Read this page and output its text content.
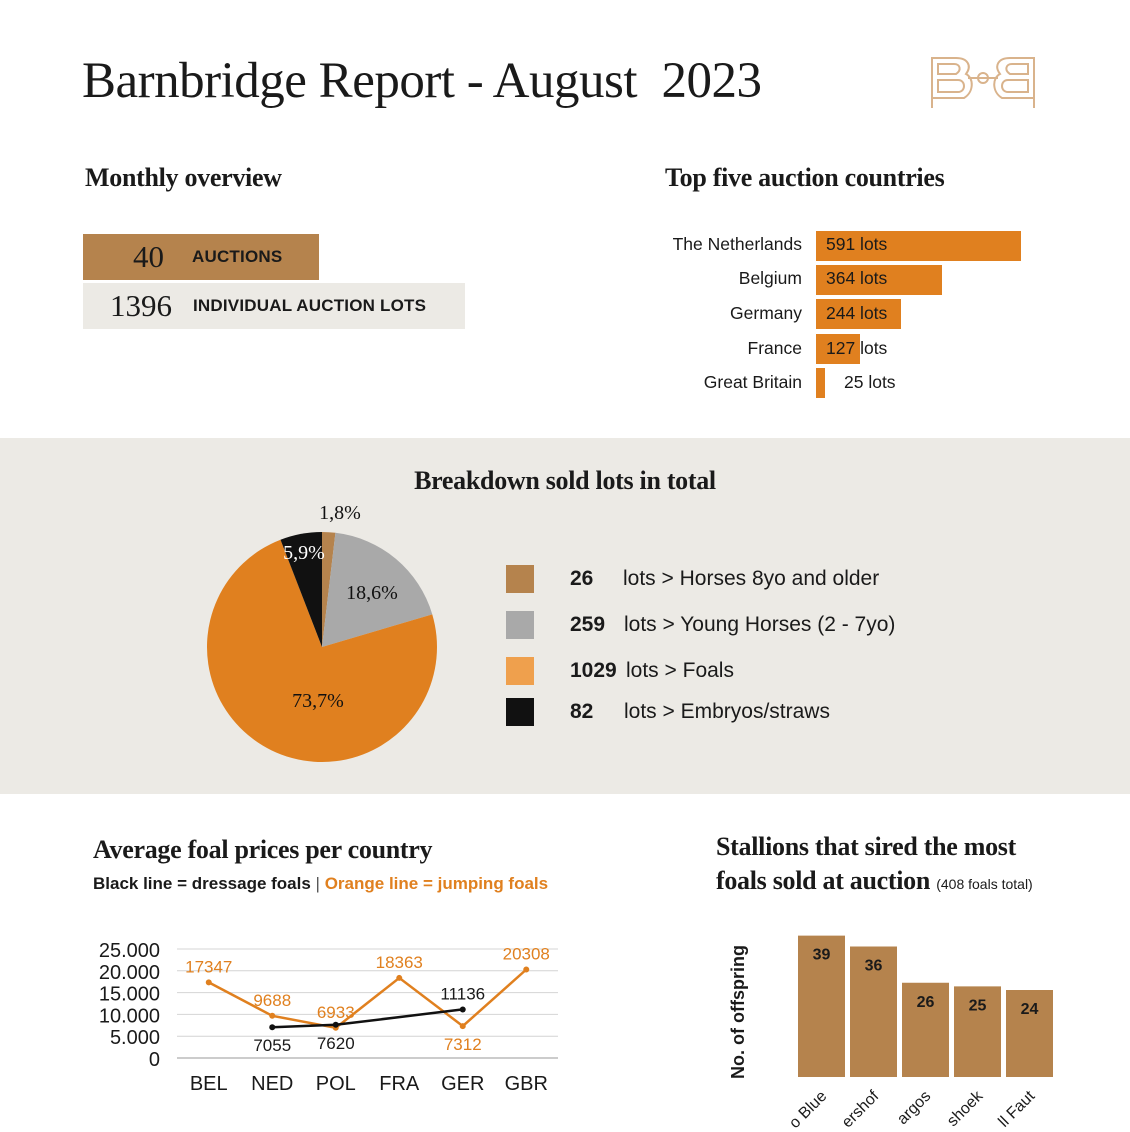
Barnbridge Report - August  2023
Monthly overview
40 AUCTIONS
1396 INDIVIDUAL AUCTION LOTS
Top five auction countries
The Netherlands 591 lots
Belgium 364 lots
Germany 244 lots
France 127 lots
Great Britain 25 lots
Breakdown sold lots in total
1,8%
18,6%
73,7%
5,9%
26 lots > Horses 8yo and older
259 lots > Young Horses (2 - 7yo)
1029 lots > Foals
82 lots > Embryos/straws
Average foal prices per country
Black line = dressage foals | Orange line = jumping foals
25.000
20.000
15.000
10.000
5.000
0
BEL NED POL FRA GER GBR
17347
9688
6933
18363
7312
20308
7055 7620
11136
Stallions that sired the most
foals sold at auction (408 foals total)
39
o Blue
36
ershof
26
argos
25
shoek
24
ll Faut
No. of offspring
